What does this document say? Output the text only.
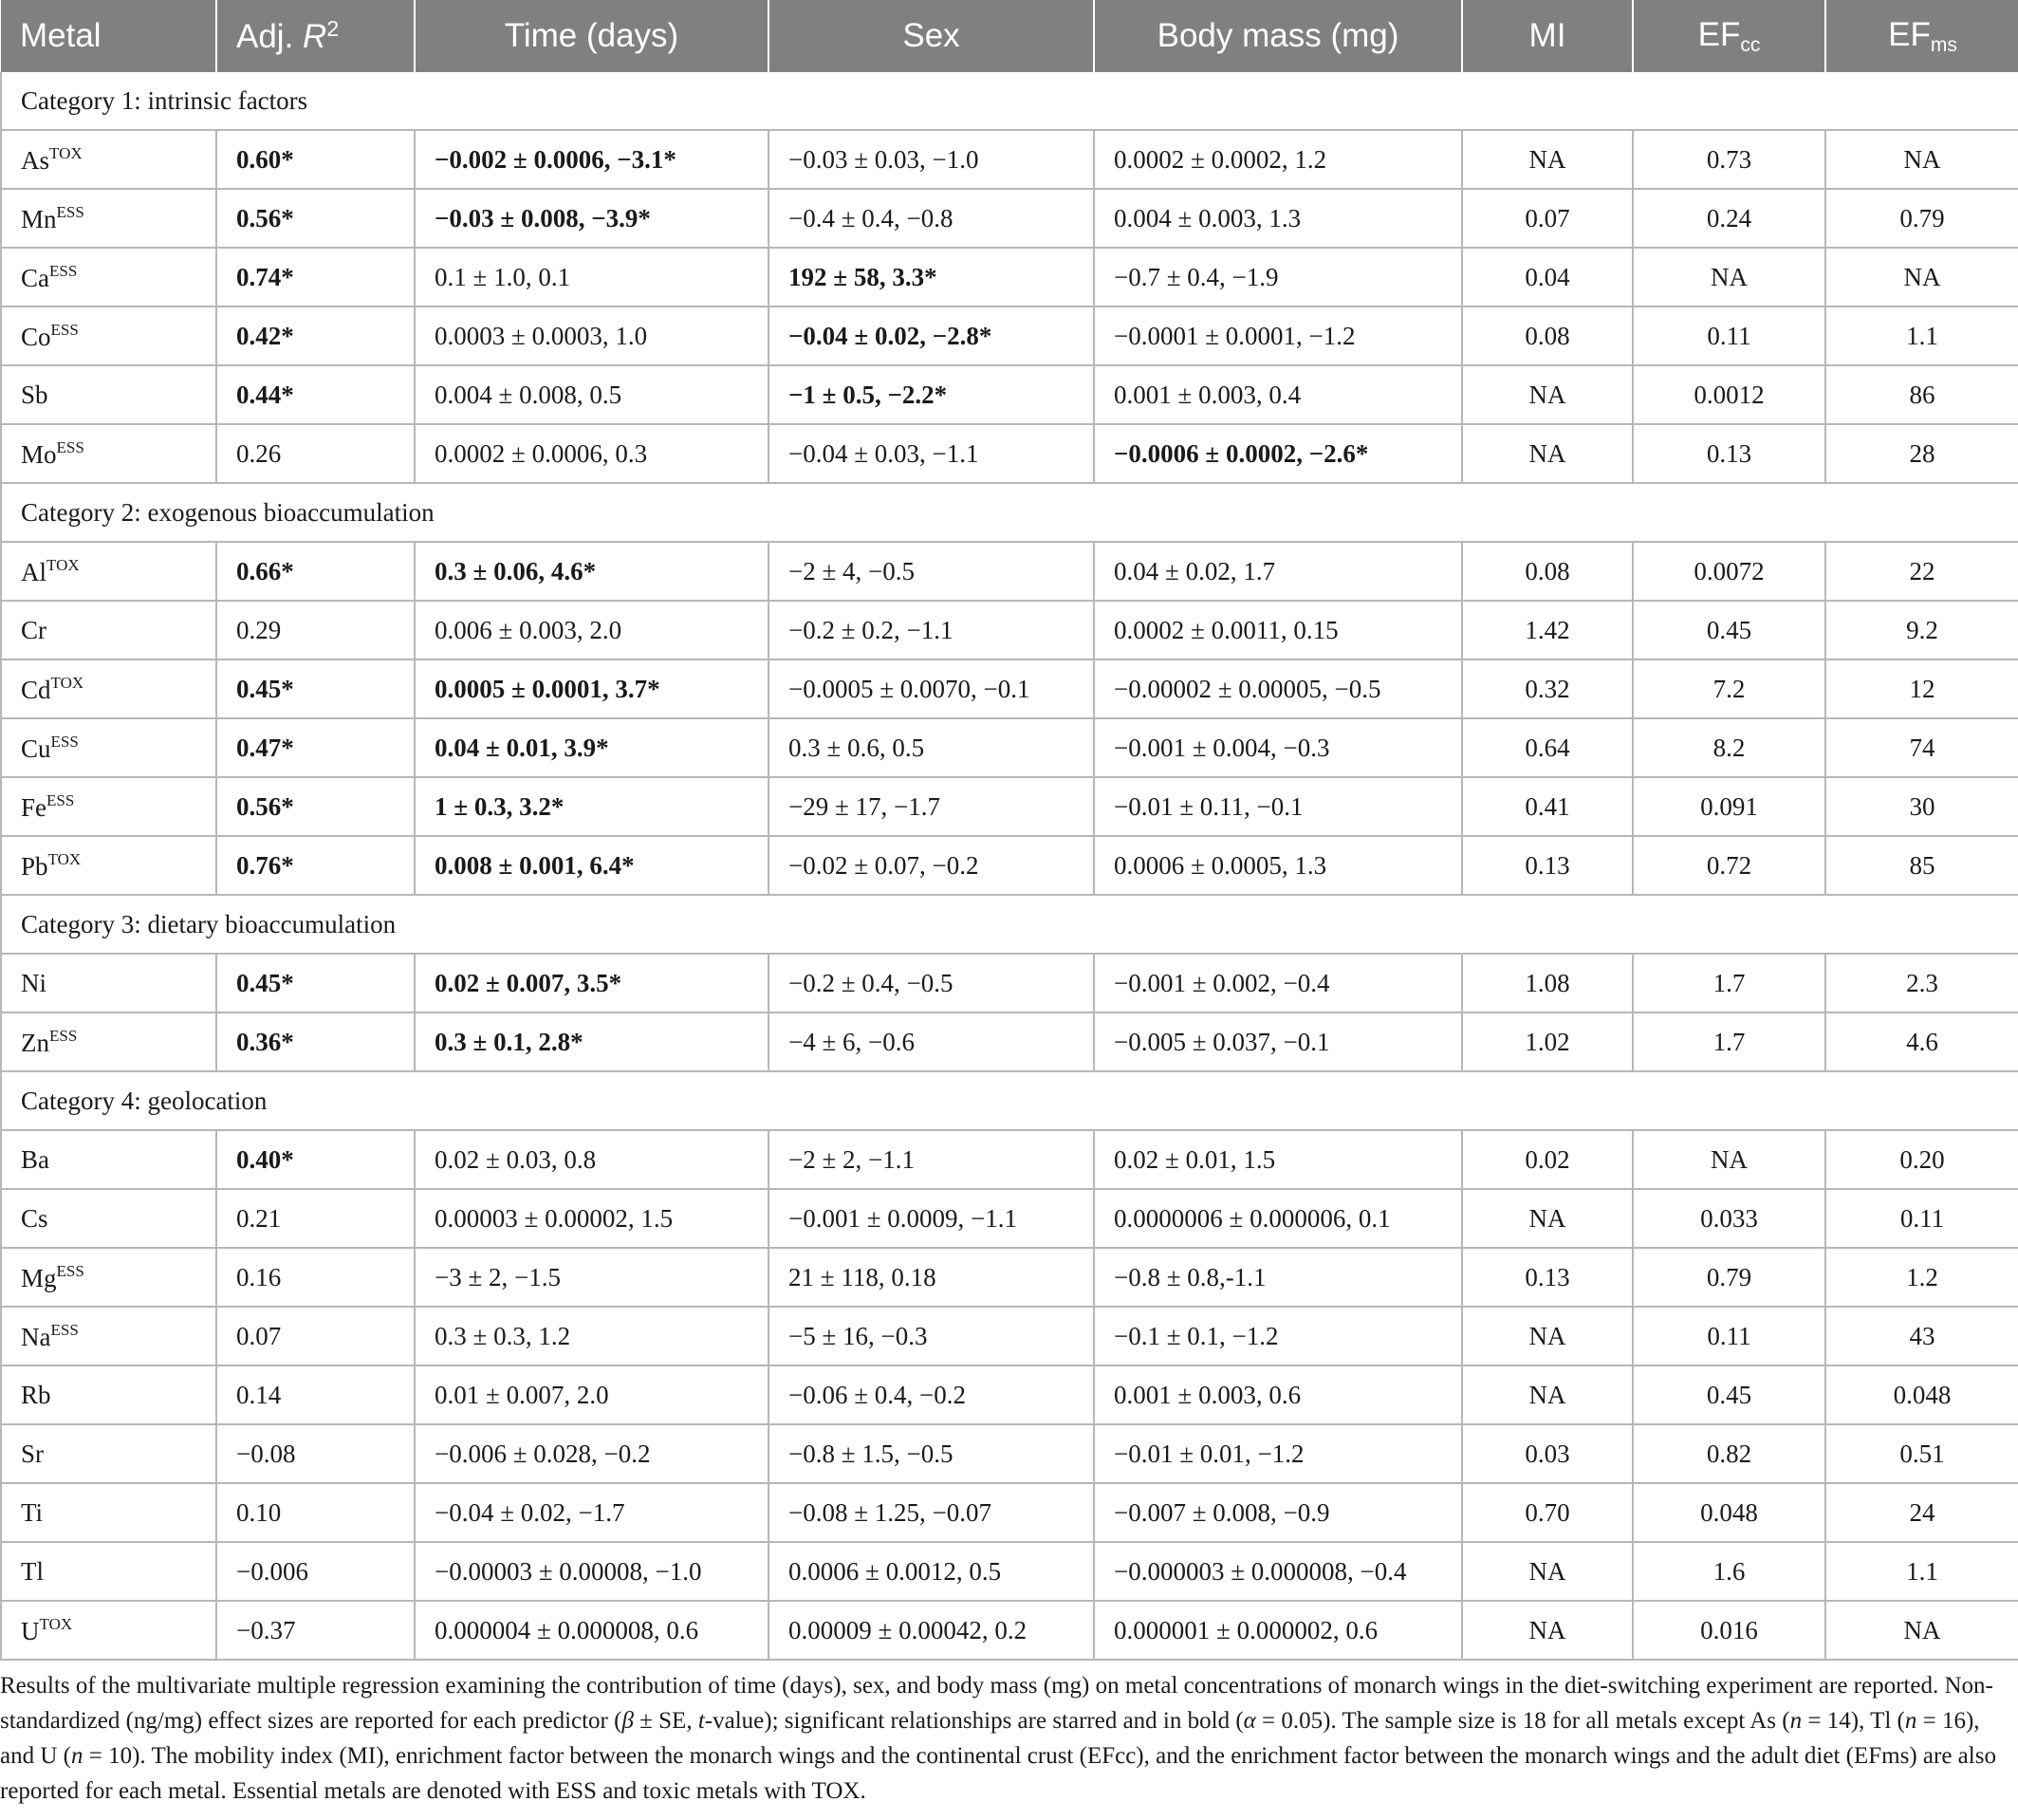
Metal	Adj. $R^2$	Time (days)	Sex	Body mass (mg)	MI	$EF_{cc}$	$EF_{ms}$
Category 1: intrinsic factors							
$As^{TOX}$	0.60*	−0.002 ± 0.0006, −3.1*	−0.03 ± 0.03, −1.0	0.0002 ± 0.0002, 1.2	NA	0.73	NA
$Mn^{ESS}$	0.56*	−0.03 ± 0.008, −3.9*	−0.4 ± 0.4, −0.8	0.004 ± 0.003, 1.3	0.07	0.24	0.79
$Ca^{ESS}$	0.74*	0.1 ± 1.0, 0.1	192 ± 58, 3.3*	−0.7 ± 0.4, −1.9	0.04	NA	NA
$Co^{ESS}$	0.42*	0.0003 ± 0.0003, 1.0	−0.04 ± 0.02, −2.8*	−0.0001 ± 0.0001, −1.2	0.08	0.11	1.1
Sb	0.44*	0.004 ± 0.008, 0.5	−1 ± 0.5, −2.2*	0.001 ± 0.003, 0.4	NA	0.0012	86
$Mo^{ESS}$	0.26	0.0002 ± 0.0006, 0.3	−0.04 ± 0.03, −1.1	−0.0006 ± 0.0002, −2.6*	NA	0.13	28
Category 2: exogenous bioaccumulation							
$Al^{TOX}$	0.66*	0.3 ± 0.06, 4.6*	−2 ± 4, −0.5	0.04 ± 0.02, 1.7	0.08	0.0072	22
Cr	0.29	0.006 ± 0.003, 2.0	−0.2 ± 0.2, −1.1	0.0002 ± 0.0011, 0.15	1.42	0.45	9.2
$Cd^{TOX}$	0.45*	0.0005 ± 0.0001, 3.7*	−0.0005 ± 0.0070, −0.1	−0.00002 ± 0.00005, −0.5	0.32	7.2	12
$Cu^{ESS}$	0.47*	0.04 ± 0.01, 3.9*	0.3 ± 0.6, 0.5	−0.001 ± 0.004, −0.3	0.64	8.2	74
$Fe^{ESS}$	0.56*	1 ± 0.3, 3.2*	−29 ± 17, −1.7	−0.01 ± 0.11, −0.1	0.41	0.091	30
$Pb^{TOX}$	0.76*	0.008 ± 0.001, 6.4*	−0.02 ± 0.07, −0.2	0.0006 ± 0.0005, 1.3	0.13	0.72	85
Category 3: dietary bioaccumulation							
Ni	0.45*	0.02 ± 0.007, 3.5*	−0.2 ± 0.4, −0.5	−0.001 ± 0.002, −0.4	1.08	1.7	2.3
$Zn^{ESS}$	0.36*	0.3 ± 0.1, 2.8*	−4 ± 6, −0.6	−0.005 ± 0.037, −0.1	1.02	1.7	4.6
Category 4: geolocation							
Ba	0.40*	0.02 ± 0.03, 0.8	−2 ± 2, −1.1	0.02 ± 0.01, 1.5	0.02	NA	0.20
Cs	0.21	0.00003 ± 0.00002, 1.5	−0.001 ± 0.0009, −1.1	0.0000006 ± 0.000006, 0.1	NA	0.033	0.11
$Mg^{ESS}$	0.16	−3 ± 2, −1.5	21 ± 118, 0.18	−0.8 ± 0.8,-1.1	0.13	0.79	1.2
$Na^{ESS}$	0.07	0.3 ± 0.3, 1.2	−5 ± 16, −0.3	−0.1 ± 0.1, −1.2	NA	0.11	43
Rb	0.14	0.01 ± 0.007, 2.0	−0.06 ± 0.4, −0.2	0.001 ± 0.003, 0.6	NA	0.45	0.048
Sr	−0.08	−0.006 ± 0.028, −0.2	−0.8 ± 1.5, −0.5	−0.01 ± 0.01, −1.2	0.03	0.82	0.51
Ti	0.10	−0.04 ± 0.02, −1.7	−0.08 ± 1.25, −0.07	−0.007 ± 0.008, −0.9	0.70	0.048	24
Tl	−0.006	−0.00003 ± 0.00008, −1.0	0.0006 ± 0.0012, 0.5	−0.000003 ± 0.000008, −0.4	NA	1.6	1.1
$U^{TOX}$	−0.37	0.000004 ± 0.000008, 0.6	0.00009 ± 0.00042, 0.2	0.000001 ± 0.000002, 0.6	NA	0.016	NA
Results of the multivariate multiple regression examining the contribution of time (days), sex, and body mass (mg) on metal concentrations of monarch wings in the diet-switching experiment are reported. Non-standardized (ng/mg) effect sizes are reported for each predictor (β ± SE, t-value); significant relationships are starred and in bold (α = 0.05). The sample size is 18 for all metals except As (n = 14), Tl (n = 16), and U (n = 10). The mobility index (MI), enrichment factor between the monarch wings and the continental crust (EFcc), and the enrichment factor between the monarch wings and the adult diet (EFms) are also reported for each metal. Essential metals are denoted with ESS and toxic metals with TOX.
